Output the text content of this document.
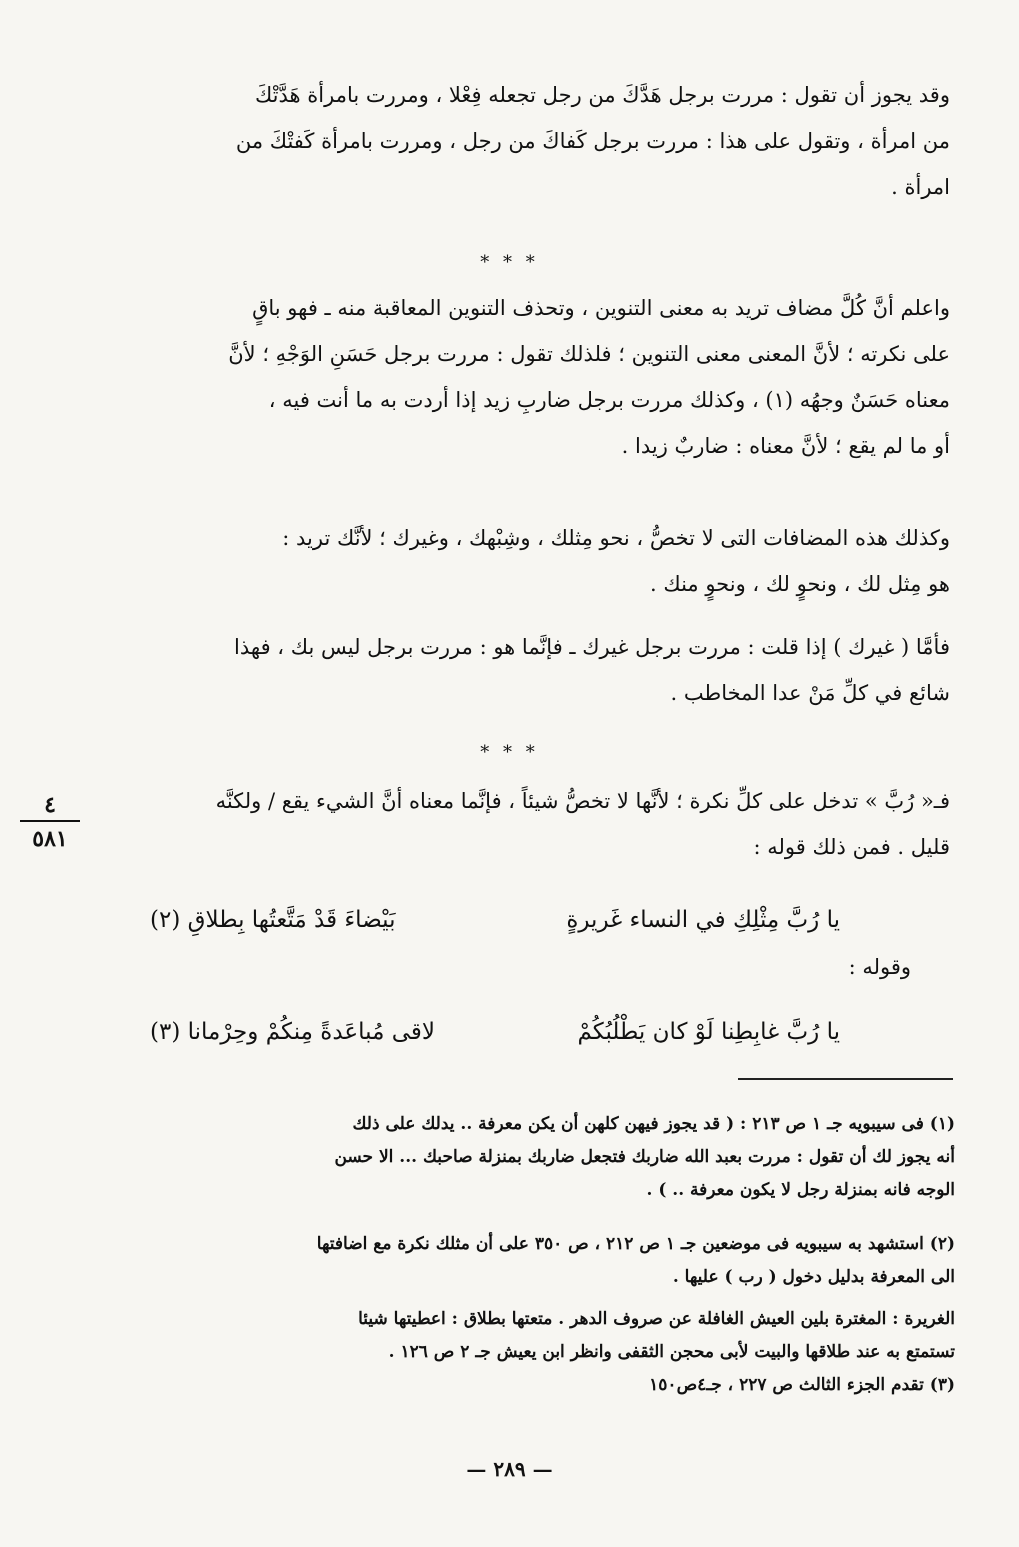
وقد يجوز أن تقول : مررت برجل هَدَّكَ من رجل تجعله فِعْلا ، ومررت بامرأة هَدَّتْكَ
من امرأة ، وتقول على هذا : مررت برجل كَفاكَ من رجل ، ومررت بامرأة كَفتْكَ من
امرأة .
* * *
واعلم أنَّ كُلَّ مضاف تريد به معنى التنوين ، وتحذف التنوين المعاقبة منه ـ فهو باقٍ
على نكرته ؛ لأنَّ المعنى معنى التنوين ؛ فلذلك تقول : مررت برجل حَسَنِ الوَجْهِ ؛ لأنَّ
معناه حَسَنٌ وجهُه (١) ، وكذلك مررت برجل ضاربِ زيد إذا أردت به ما أنت فيه ،
أو ما لم يقع ؛ لأنَّ معناه : ضاربٌ زيدا .
وكذلك هذه المضافات التى لا تخصُّ ، نحو مِثلك ، وشِبْهك ، وغيرك ؛ لأنَّك تريد :
هو مِثل لك ، ونحوٍ لك ، ونحوٍ منك .
فأمَّا ( غيرك ) إذا قلت : مررت برجل غيرك ـ فإنَّما هو : مررت برجل ليس بك ، فهذا
شائع في كلِّ مَنْ عدا المخاطب .
* * *
فـ« رُبَّ » تدخل على كلِّ نكرة ؛ لأنَّها لا تخصُّ شيئاً ، فإنَّما معناه أنَّ الشيء يقع / ولكنَّه
قليل . فمن ذلك قوله :
٤
٥٨١
يا رُبَّ مِثْلِكِ في النساء غَريرةٍ
بَيْضاءَ قَدْ مَتَّعتُها بِطلاقِ (٢)
وقوله :
يا رُبَّ غابِطِنا لَوْ كان يَطْلُبُكُمْ
لاقى مُباعَدةً مِنكُمْ وحِرْمانا (٣)
(١) فى سيبويه جـ ١ ص ٢١٣ : ( قد يجوز فيهن كلهن أن يكن معرفة .. يدلك على ذلك
أنه يجوز لك أن تقول : مررت بعبد الله ضاربك فتجعل ضاربك بمنزلة صاحبك ... الا حسن
الوجه فانه بمنزلة رجل لا يكون معرفة .. ) .
(٢) استشهد به سيبويه فى موضعين جـ ١ ص ٢١٢ ، ص ٣٥٠ على أن مثلك نكرة مع اضافتها
الى المعرفة بدليل دخول ( رب ) عليها .
الغريرة : المغترة بلين العيش الغافلة عن صروف الدهر . متعتها بطلاق : اعطيتها شيئا
تستمتع به عند طلاقها والبيت لأبى محجن الثقفى وانظر ابن يعيش جـ ٢ ص ١٢٦ .
(٣) تقدم الجزء الثالث ص ٢٢٧ ، جـ٤ص١٥٠
— ٢٨٩ —
